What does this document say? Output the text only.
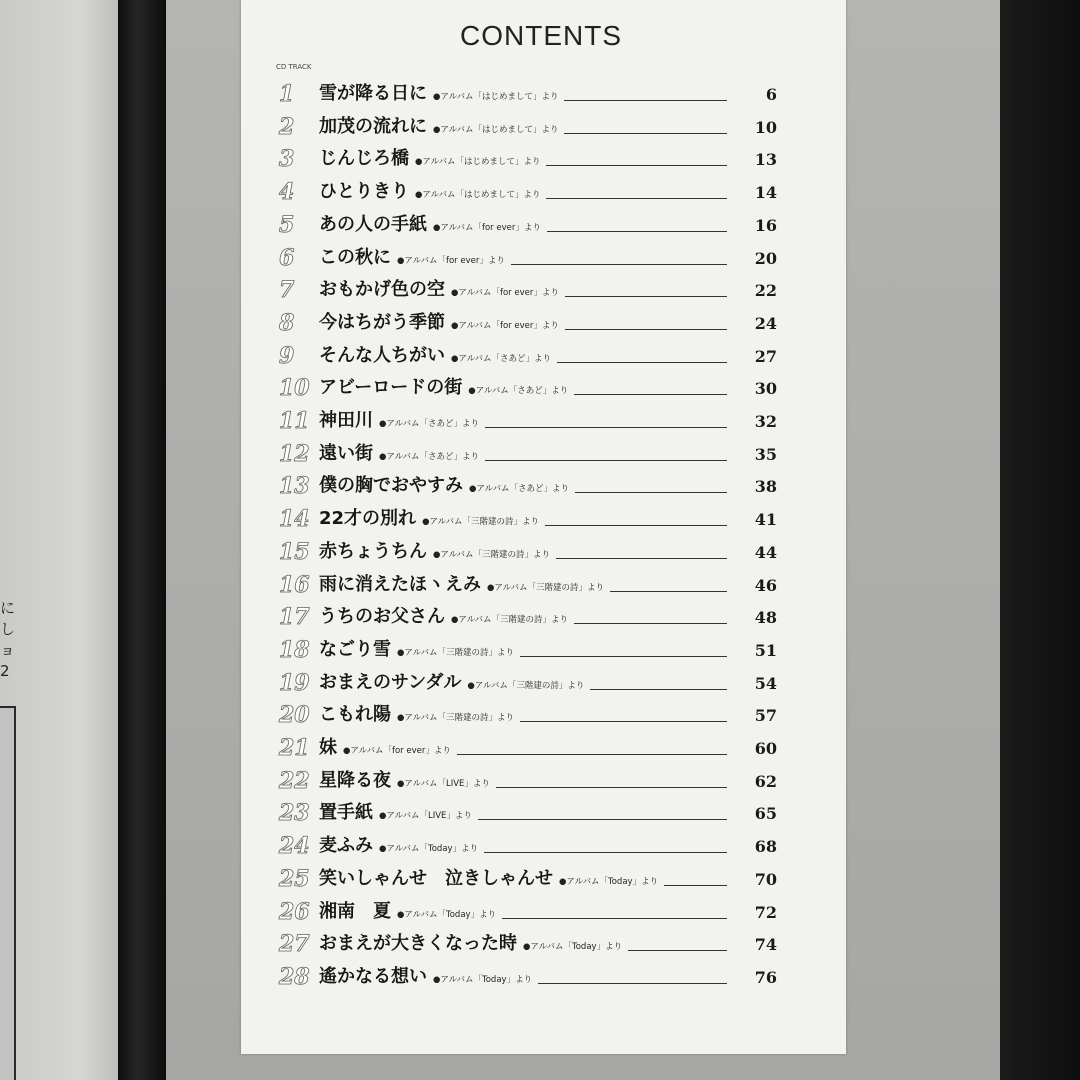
に
し
ョ
2
CONTENTS
CD TRACK
1	雪が降る日に ●アルバム「はじめまして」より	6
2	加茂の流れに ●アルバム「はじめまして」より	10
3	じんじろ橋 ●アルバム「はじめまして」より	13
4	ひとりきり ●アルバム「はじめまして」より	14
5	あの人の手紙 ●アルバム「for ever」より	16
6	この秋に ●アルバム「for ever」より	20
7	おもかげ色の空 ●アルバム「for ever」より	22
8	今はちがう季節 ●アルバム「for ever」より	24
9	そんな人ちがい ●アルバム「さあど」より	27
10 アビーロードの街 ●アルバム「さあど」より	30
11 神田川 ●アルバム「さあど」より	32
12 遠い街 ●アルバム「さあど」より	35
13 僕の胸でおやすみ ●アルバム「さあど」より	38
14 22才の別れ ●アルバム「三階建の詩」より	41
15 赤ちょうちん ●アルバム「三階建の詩」より	44
16 雨に消えたほヽえみ ●アルバム「三階建の詩」より	46
17 うちのお父さん ●アルバム「三階建の詩」より	48
18 なごり雪 ●アルバム「三階建の詩」より	51
19 おまえのサンダル ●アルバム「三階建の詩」より	54
20 こもれ陽 ●アルバム「三階建の詩」より	57
21 妹 ●アルバム「for ever」より	60
22 星降る夜 ●アルバム「LIVE」より	62
23 置手紙 ●アルバム「LIVE」より	65
24 麦ふみ ●アルバム「Today」より	68
25 笑いしゃんせ　泣きしゃんせ ●アルバム「Today」より	70
26 湘南　夏 ●アルバム「Today」より	72
27 おまえが大きくなった時 ●アルバム「Today」より	74
28 遙かなる想い ●アルバム「Today」より	76
